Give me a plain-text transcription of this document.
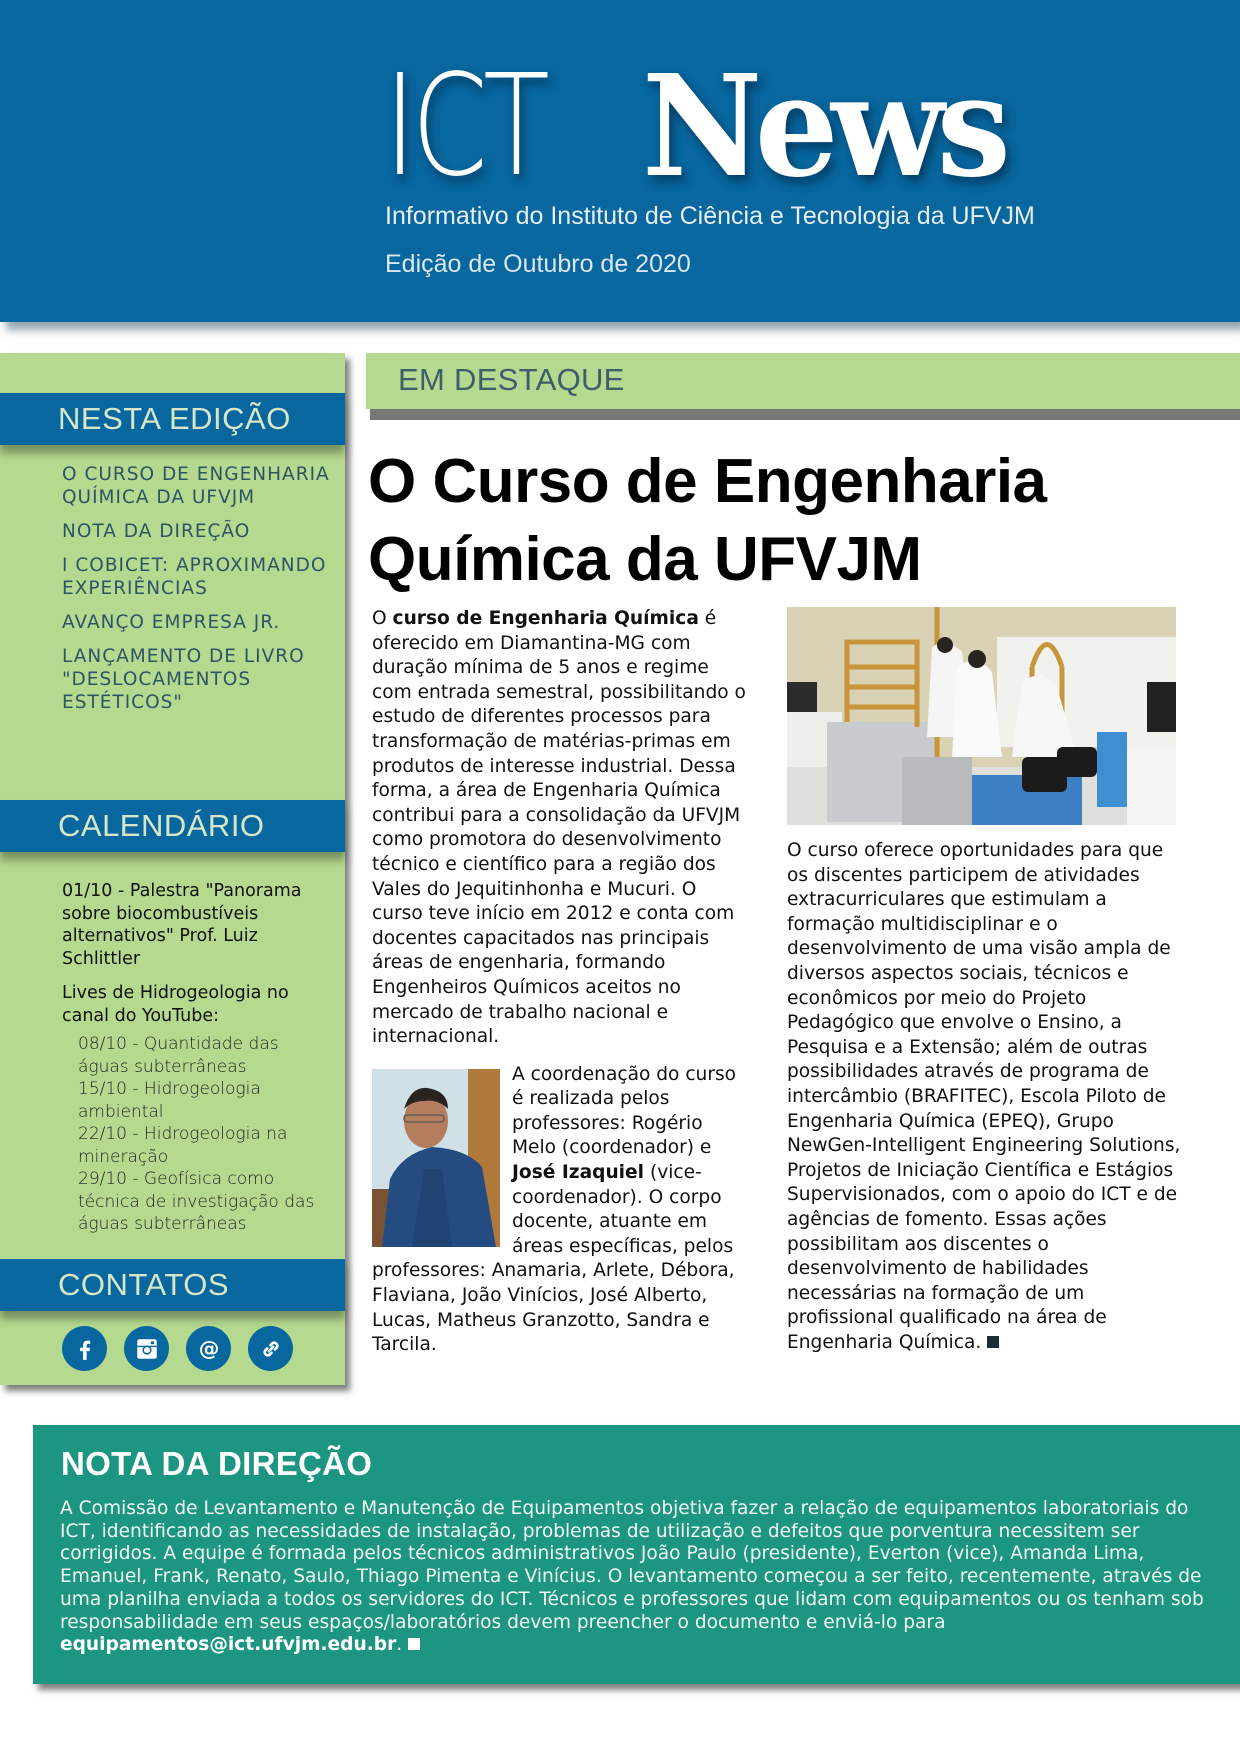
ICT News
Informativo do Instituto de Ciência e Tecnologia da UFVJM
Edição de Outubro de 2020
NESTA EDIÇÃO
O CURSO DE ENGENHARIA QUÍMICA DA UFVJM
NOTA DA DIREÇÃO
I COBICET: APROXIMANDO EXPERIÊNCIAS
AVANÇO EMPRESA JR.
LANÇAMENTO DE LIVRO "DESLOCAMENTOS ESTÉTICOS"
CALENDÁRIO

01/10 - Palestra "Panorama sobre biocombustíveis alternativos" Prof. Luiz Schlittler

Lives de Hidrogeologia no canal do YouTube:

08/10 - Quantidade das águas subterrâneas
15/10 - Hidrogeologia ambiental
22/10 - Hidrogeologia na mineração
29/10 - Geofísica como técnica de investigação das águas subterrâneas
CONTATOS
@
EM DESTAQUE
O Curso de Engenharia Química da UFVJM

O curso de Engenharia Química é oferecido em Diamantina-MG com duração mínima de 5 anos e regime com entrada semestral, possibilitando o estudo de diferentes processos para transformação de matérias-primas em produtos de interesse industrial. Dessa forma, a área de Engenharia Química contribui para a consolidação da UFVJM como promotora do desenvolvimento técnico e científico para a região dos Vales do Jequitinhonha e Mucuri. O curso teve início em 2012 e conta com docentes capacitados nas principais áreas de engenharia, formando Engenheiros Químicos aceitos no mercado de trabalho nacional e internacional.

A coordenação do curso é realizada pelos professores: Rogério Melo (coordenador) e José Izaquiel (vice-coordenador). O corpo docente, atuante em áreas específicas, pelos professores: Anamaria, Arlete, Débora, Flaviana, João Vinícios, José Alberto, Lucas, Matheus Granzotto, Sandra e Tarcila.

O curso oferece oportunidades para que os discentes participem de atividades extracurriculares que estimulam a formação multidisciplinar e o desenvolvimento de uma visão ampla de diversos aspectos sociais, técnicos e econômicos por meio do Projeto Pedagógico que envolve o Ensino, a Pesquisa e a Extensão; além de outras possibilidades através de programa de intercâmbio (BRAFITEC), Escola Piloto de Engenharia Química (EPEQ), Grupo NewGen-Intelligent Engineering Solutions, Projetos de Iniciação Científica e Estágios Supervisionados, com o apoio do ICT e de agências de fomento. Essas ações possibilitam aos discentes o desenvolvimento de habilidades necessárias na formação de um profissional qualificado na área de Engenharia Química.

NOTA DA DIREÇÃO

A Comissão de Levantamento e Manutenção de Equipamentos objetiva fazer a relação de equipamentos laboratoriais do ICT, identificando as necessidades de instalação, problemas de utilização e defeitos que porventura necessitem ser corrigidos. A equipe é formada pelos técnicos administrativos João Paulo (presidente), Everton (vice), Amanda Lima, Emanuel, Frank, Renato, Saulo, Thiago Pimenta e Vinícius. O levantamento começou a ser feito, recentemente, através de uma planilha enviada a todos os servidores do ICT. Técnicos e professores que lidam com equipamentos ou os tenham sob responsabilidade em seus espaços/laboratórios devem preencher o documento e enviá-lo para equipamentos@ict.ufvjm.edu.br.
